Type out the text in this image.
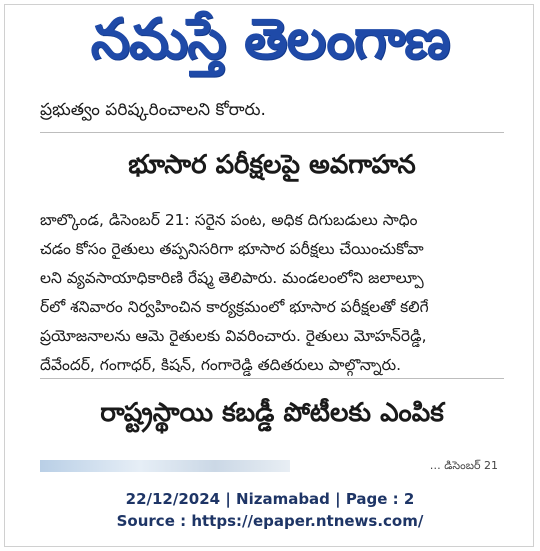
నమస్తే తెలంగాణ
ప్రభుత్వం పరిష్కరించాలని కోరారు.
భూసార పరీక్షలపై అవగాహన
బాల్కొండ, డిసెంబర్ 21: సరైన పంట, అధిక దిగుబడులు సాధిం
చడం కోసం రైతులు తప్పనిసరిగా భూసార పరీక్షలు చేయించుకోవా
లని వ్యవసాయాధికారిణి రేష్మ తెలిపారు. మండలంలోని జలాల్పూ
ర్‌లో శనివారం నిర్వహించిన కార్యక్రమంలో భూసార పరీక్షలతో కలిగే
ప్రయోజనాలను ఆమె రైతులకు వివరించారు. రైతులు మోహన్‌రెడ్డి,
దేవేందర్, గంగాధర్, కిషన్, గంగారెడ్డి తదితరులు పాల్గొన్నారు.
రాష్ట్రస్థాయి కబడ్డీ పోటీలకు ఎంపిక
… డిసెంబర్ 21
22/12/2024 | Nizamabad | Page : 2
Source : https://epaper.ntnews.com/
